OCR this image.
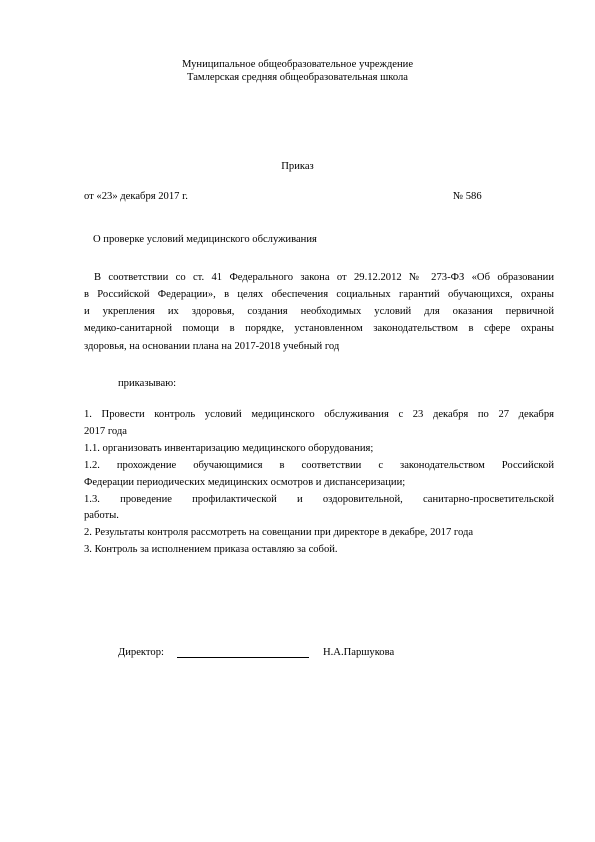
Муниципальное общеобразовательное учреждение
Тамлерская средняя общеобразовательная школа
Приказ
от «23» декабря 2017 г.	№ 586
О проверке условий медицинского обслуживания
В соответствии со ст. 41 Федерального закона от 29.12.2012 № 273-ФЗ «Об образовании
в Российской Федерации», в целях обеспечения социальных гарантий обучающихся, охраны
и укрепления их здоровья, создания необходимых условий для оказания первичной
медико-санитарной помощи в порядке, установленном законодательством в сфере охраны
здоровья, на основании плана на 2017-2018 учебный год
приказываю:
1. Провести контроль условий медицинского обслуживания с 23 декабря по 27 декабря
2017 года
1.1. организовать инвентаризацию медицинского оборудования;
1.2. прохождение обучающимися в соответствии с законодательством Российской
Федерации периодических медицинских осмотров и диспансеризации;
1.3. проведение профилактической и оздоровительной, санитарно-просветительской
работы.
2. Результаты контроля рассмотреть на совещании при директоре в декабре, 2017 года
3. Контроль за исполнением приказа оставляю за собой.
Директор:	Н.А.Паршукова
